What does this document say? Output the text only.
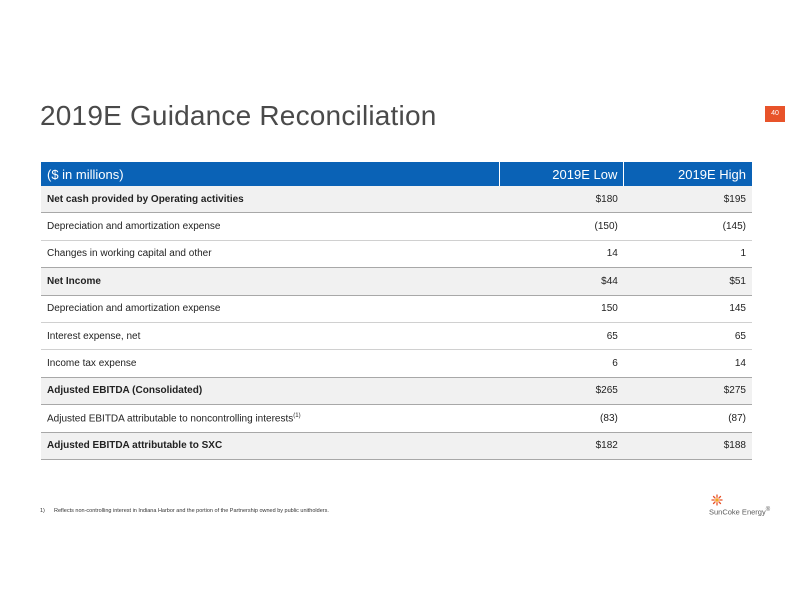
2019E Guidance Reconciliation	40
($ in millions)	2019E Low	2019E High
Net cash provided by Operating activities	$180	$195
Depreciation and amortization expense	(150)	(145)
Changes in working capital and other	14	1
Net Income	$44	$51
Depreciation and amortization expense	150	145
Interest expense, net	65	65
Income tax expense	6	14
Adjusted EBITDA (Consolidated)	$265	$275
Adjusted EBITDA attributable to noncontrolling interests$^{(1)}$	(83)	(87)
Adjusted EBITDA attributable to SXC	$182	$188
1) Reflects non-controlling interest in Indiana Harbor and the portion of the Partnership owned by public unitholders.	SunCoke Energy®
